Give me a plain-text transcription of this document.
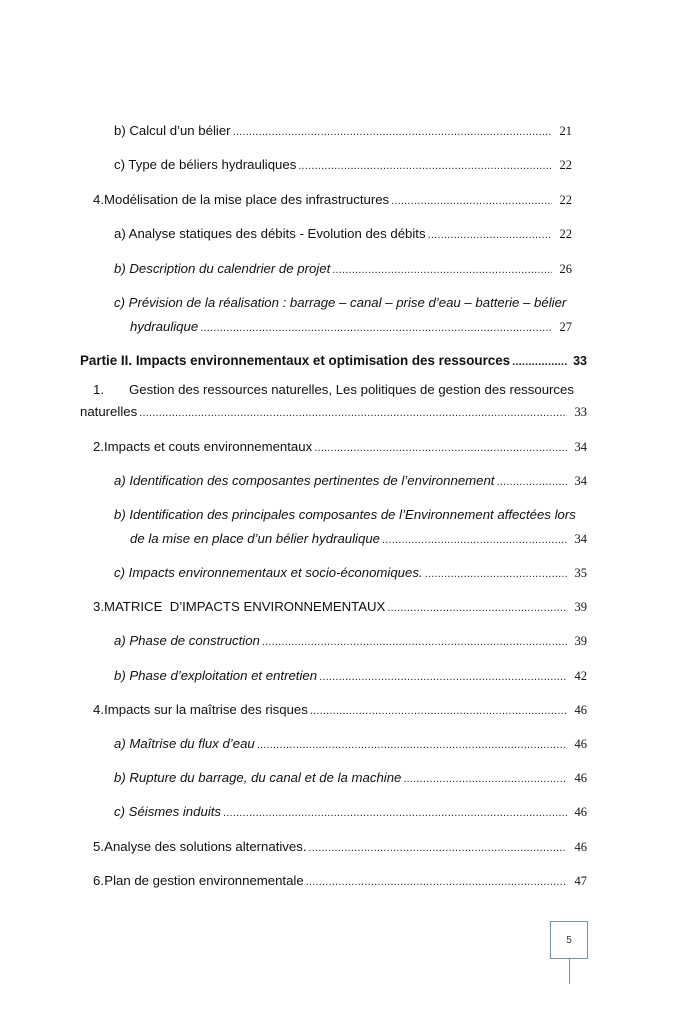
b) Calcul d’un bélier .....	21
c) Type de béliers hydrauliques .....	22
4. Modélisation de la mise place des infrastructures .....	22
a) Analyse statiques des débits - Evolution des débits .....	22
b) Description du calendrier de projet .....	26
c) Prévision de la réalisation : barrage – canal – prise d’eau – batterie – bélier
hydraulique .....	27
Partie II. Impacts environnementaux et optimisation des ressources .....	33
1.	Gestion des ressources naturelles, Les politiques de gestion des ressources
naturelles .....	33
2. Impacts et couts environnementaux .....	34
a) Identification des composantes pertinentes de l’environnement .....	34
b) Identification des principales composantes de l’Environnement affectées lors
de la mise en place d’un bélier hydraulique .....	34
c) Impacts environnementaux et socio-économiques. .....	35
3. MATRICE  D’IMPACTS ENVIRONNEMENTAUX .....	39
a) Phase de construction .....	39
b) Phase d’exploitation et entretien .....	42
4. Impacts sur la maîtrise des risques .....	46
a) Maîtrise du flux d’eau .....	46
b) Rupture du barrage, du canal et de la machine .....	46
c) Séismes induits .....	46
5. Analyse des solutions alternatives. .....	46
6. Plan de gestion environnementale .....	47
5
